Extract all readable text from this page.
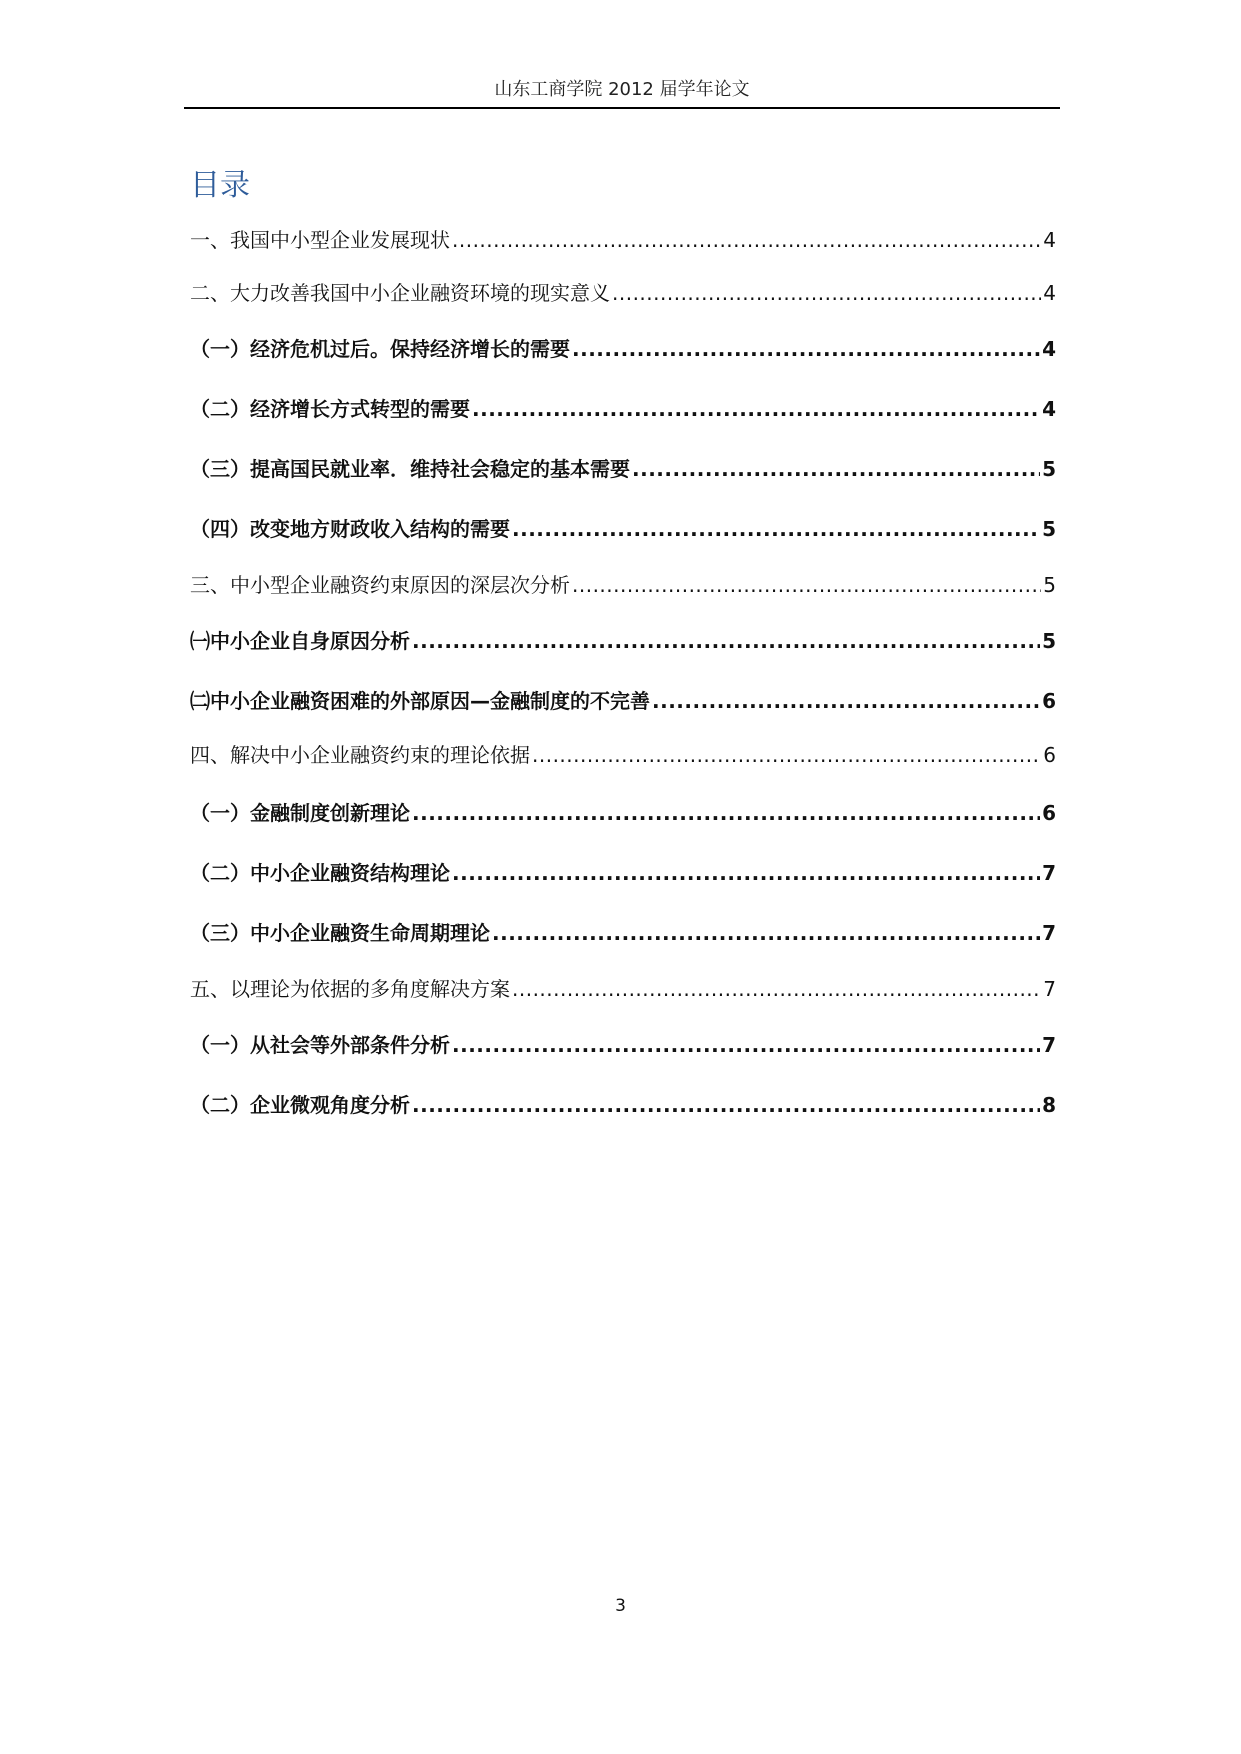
山东工商学院 2012 届学年论文
目录
一、我国中小型企业发展现状 .....	4
二、大力改善我国中小企业融资环境的现实意义 .....	4
（一）经济危机过后。保持经济增长的需要 .....	4
（二）经济增长方式转型的需要 .....	4
（三）提高国民就业率．维持社会稳定的基本需要 .....	5
（四）改变地方财政收入结构的需要 .....	5
三、中小型企业融资约束原因的深层次分析 .....	5
㈠中小企业自身原因分析 .....	5
㈡中小企业融资困难的外部原因—金融制度的不完善 .....	6
四、解决中小企业融资约束的理论依据 .....	6
（一）金融制度创新理论 .....	6
（二）中小企业融资结构理论 .....	7
（三）中小企业融资生命周期理论 .....	7
五、以理论为依据的多角度解决方案 .....	7
（一）从社会等外部条件分析 .....	7
（二）企业微观角度分析 .....	8
3
